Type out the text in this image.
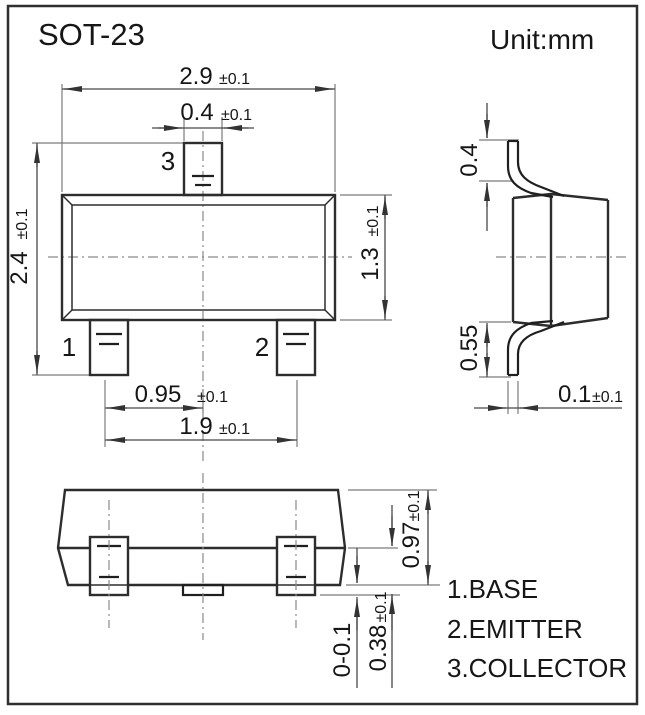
SOT-23	Unit:mm
3
1	2
2.9 ±0.1
0.4 ±0.1
2.4
±0.1
1.3
±0.1
0.95 ±0.1
1.9 ±0.1
0.4
0.55
0.1 ±0.1
0.97
±0.1
0.38
±0.1
0-0.1
1.BASE
2.EMITTER
3.COLLECTOR
